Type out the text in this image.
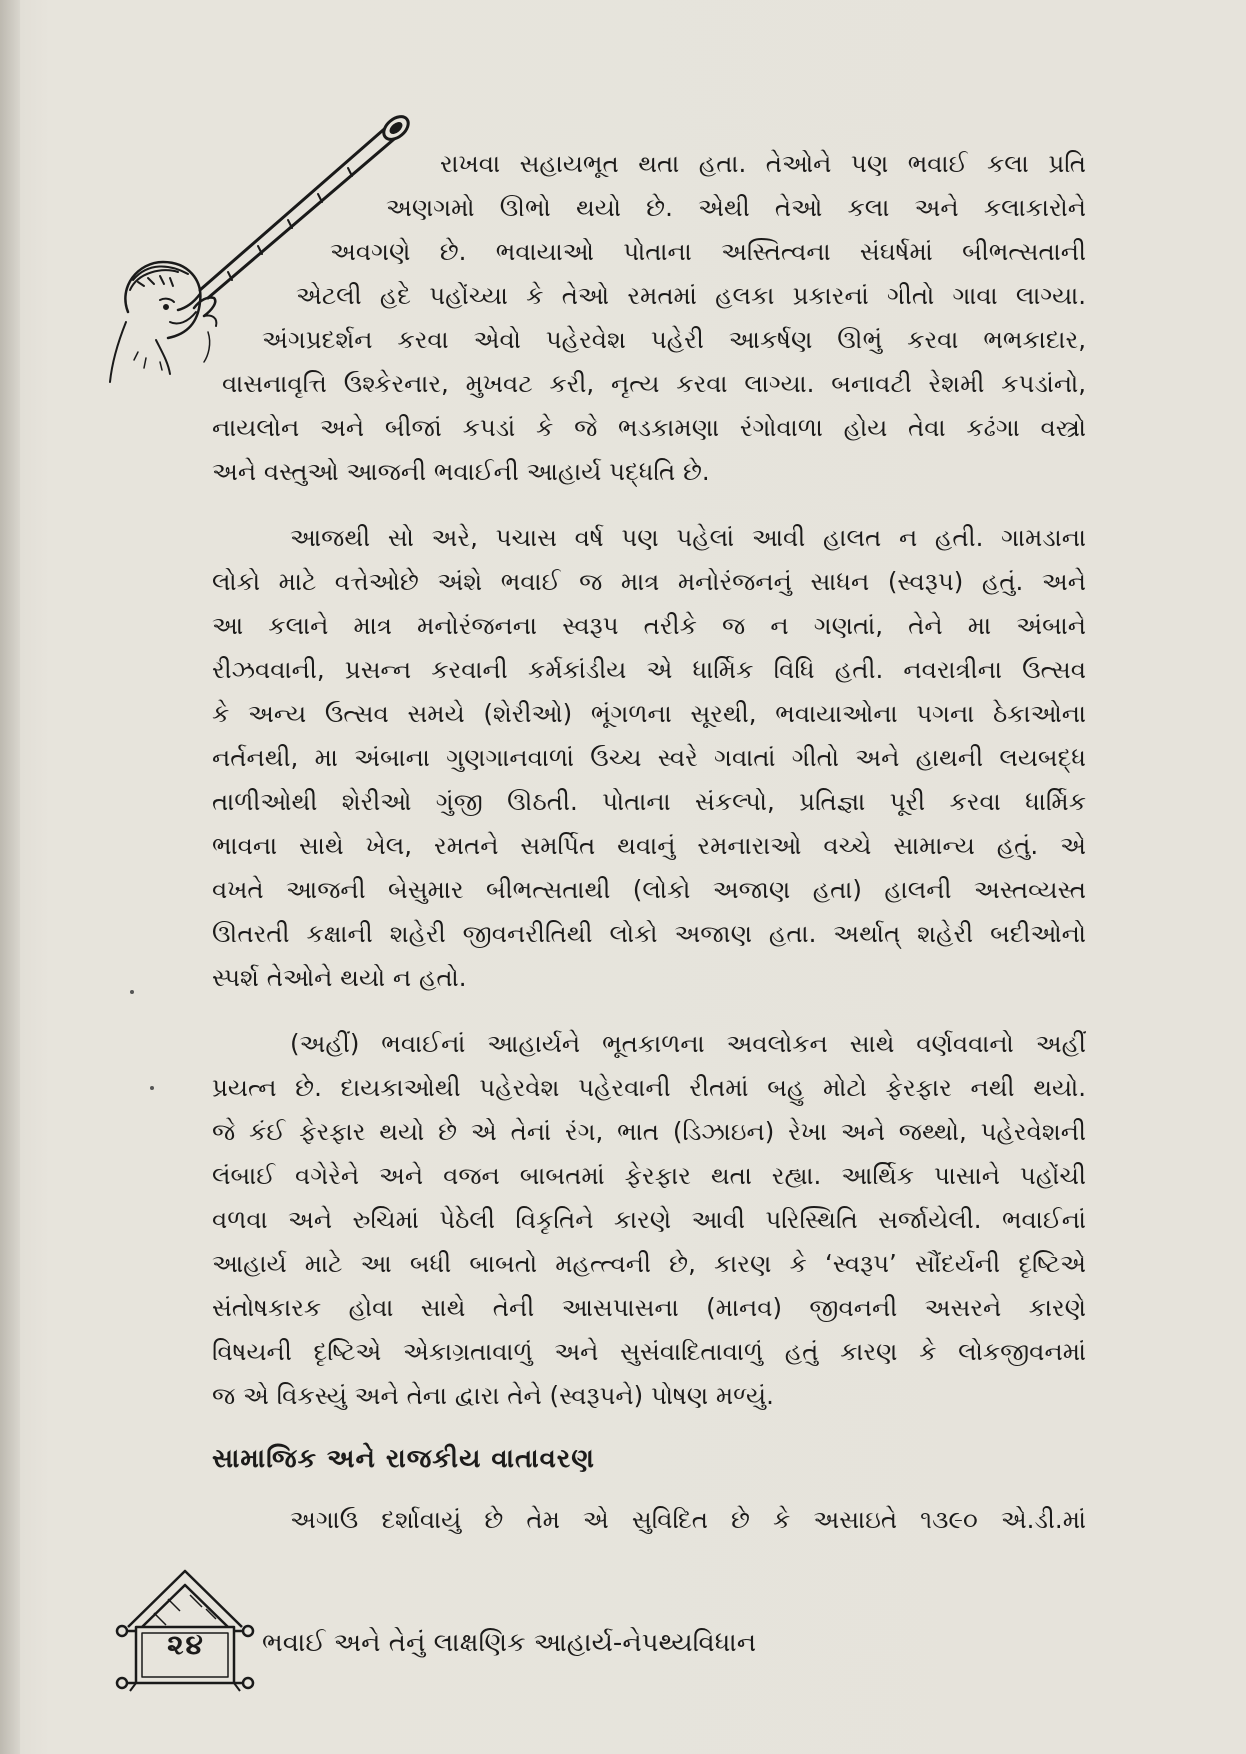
રાખવા સહાયભૂત થતા હતા. તેઓને પણ ભવાઈ કલા પ્રતિ
અણગમો ઊભો થયો છે. એથી તેઓ કલા અને કલાકારોને
અવગણે છે. ભવાયાઓ પોતાના અસ્તિત્વના સંઘર્ષમાં બીભત્સતાની
એટલી હદે પહોંચ્યા કે તેઓ રમતમાં હલકા પ્રકારનાં ગીતો ગાવા લાગ્યા.
અંગપ્રદર્શન કરવા એવો પહેરવેશ પહેરી આકર્ષણ ઊભું કરવા ભભકાદાર,
વાસનાવૃત્તિ ઉશ્કેરનાર, મુખવટ કરી, નૃત્ય કરવા લાગ્યા. બનાવટી રેશમી કપડાંનો,
નાયલોન અને બીજાં કપડાં કે જે ભડકામણા રંગોવાળા હોય તેવા કઢંગા વસ્ત્રો
અને વસ્તુઓ આજની ભવાઈની આહાર્ય પદ્ધતિ છે.
આજથી સો અરે, પચાસ વર્ષ પણ પહેલાં આવી હાલત ન હતી. ગામડાના
લોકો માટે વત્તેઓછે અંશે ભવાઈ જ માત્ર મનોરંજનનું સાધન (સ્વરૂપ) હતું. અને
આ કલાને માત્ર મનોરંજનના સ્વરૂપ તરીકે જ ન ગણતાં, તેને મા અંબાને
રીઝવવાની, પ્રસન્ન કરવાની કર્મકાંડીય એ ધાર્મિક વિધિ હતી. નવરાત્રીના ઉત્સવ
કે અન્ય ઉત્સવ સમયે (શેરીઓ) ભૂંગળના સૂરથી, ભવાયાઓના પગના ઠેકાઓના
નર્તનથી, મા અંબાના ગુણગાનવાળાં ઉચ્ચ સ્વરે ગવાતાં ગીતો અને હાથની લયબદ્ધ
તાળીઓથી શેરીઓ ગુંજી ઊઠતી. પોતાના સંકલ્પો, પ્રતિજ્ઞા પૂરી કરવા ધાર્મિક
ભાવના સાથે ખેલ, રમતને સમર્પિત થવાનું રમનારાઓ વચ્ચે સામાન્ય હતું. એ
વખતે આજની બેસુમાર બીભત્સતાથી (લોકો અજાણ હતા) હાલની અસ્તવ્યસ્ત
ઊતરતી કક્ષાની શહેરી જીવનરીતિથી લોકો અજાણ હતા. અર્થાત્ શહેરી બદીઓનો
સ્પર્શ તેઓને થયો ન હતો.
(અહીં) ભવાઈનાં આહાર્યને ભૂતકાળના અવલોકન સાથે વર્ણવવાનો અહીં
પ્રયત્ન છે. દાયકાઓથી પહેરવેશ પહેરવાની રીતમાં બહુ મોટો ફેરફાર નથી થયો.
જે કંઈ ફેરફાર થયો છે એ તેનાં રંગ, ભાત (ડિઝાઇન) રેખા અને જથ્થો, પહેરવેશની
લંબાઈ વગેરેને અને વજન બાબતમાં ફેરફાર થતા રહ્યા. આર્થિક પાસાને પહોંચી
વળવા અને રુચિમાં પેઠેલી વિકૃતિને કારણે આવી પરિસ્થિતિ સર્જાયેલી. ભવાઈનાં
આહાર્ય માટે આ બધી બાબતો મહત્ત્વની છે, કારણ કે ‘સ્વરૂપ’ સૌંદર્યની દૃષ્ટિએ
સંતોષકારક હોવા સાથે તેની આસપાસના (માનવ) જીવનની અસરને કારણે
વિષયની દૃષ્ટિએ એકાગ્રતાવાળું અને સુસંવાદિતાવાળું હતું કારણ કે લોકજીવનમાં
જ એ વિકસ્યું અને તેના દ્વારા તેને (સ્વરૂપને) પોષણ મળ્યું.
સામાજિક અને રાજકીય વાતાવરણ
અગાઉ દર્શાવાયું છે તેમ એ સુવિદિત છે કે અસાઇતે ૧૩૯૦ એ.ડી.માં
૨૪	ભવાઈ અને તેનું લાક્ષણિક આહાર્ય-નેપથ્યવિધાન
